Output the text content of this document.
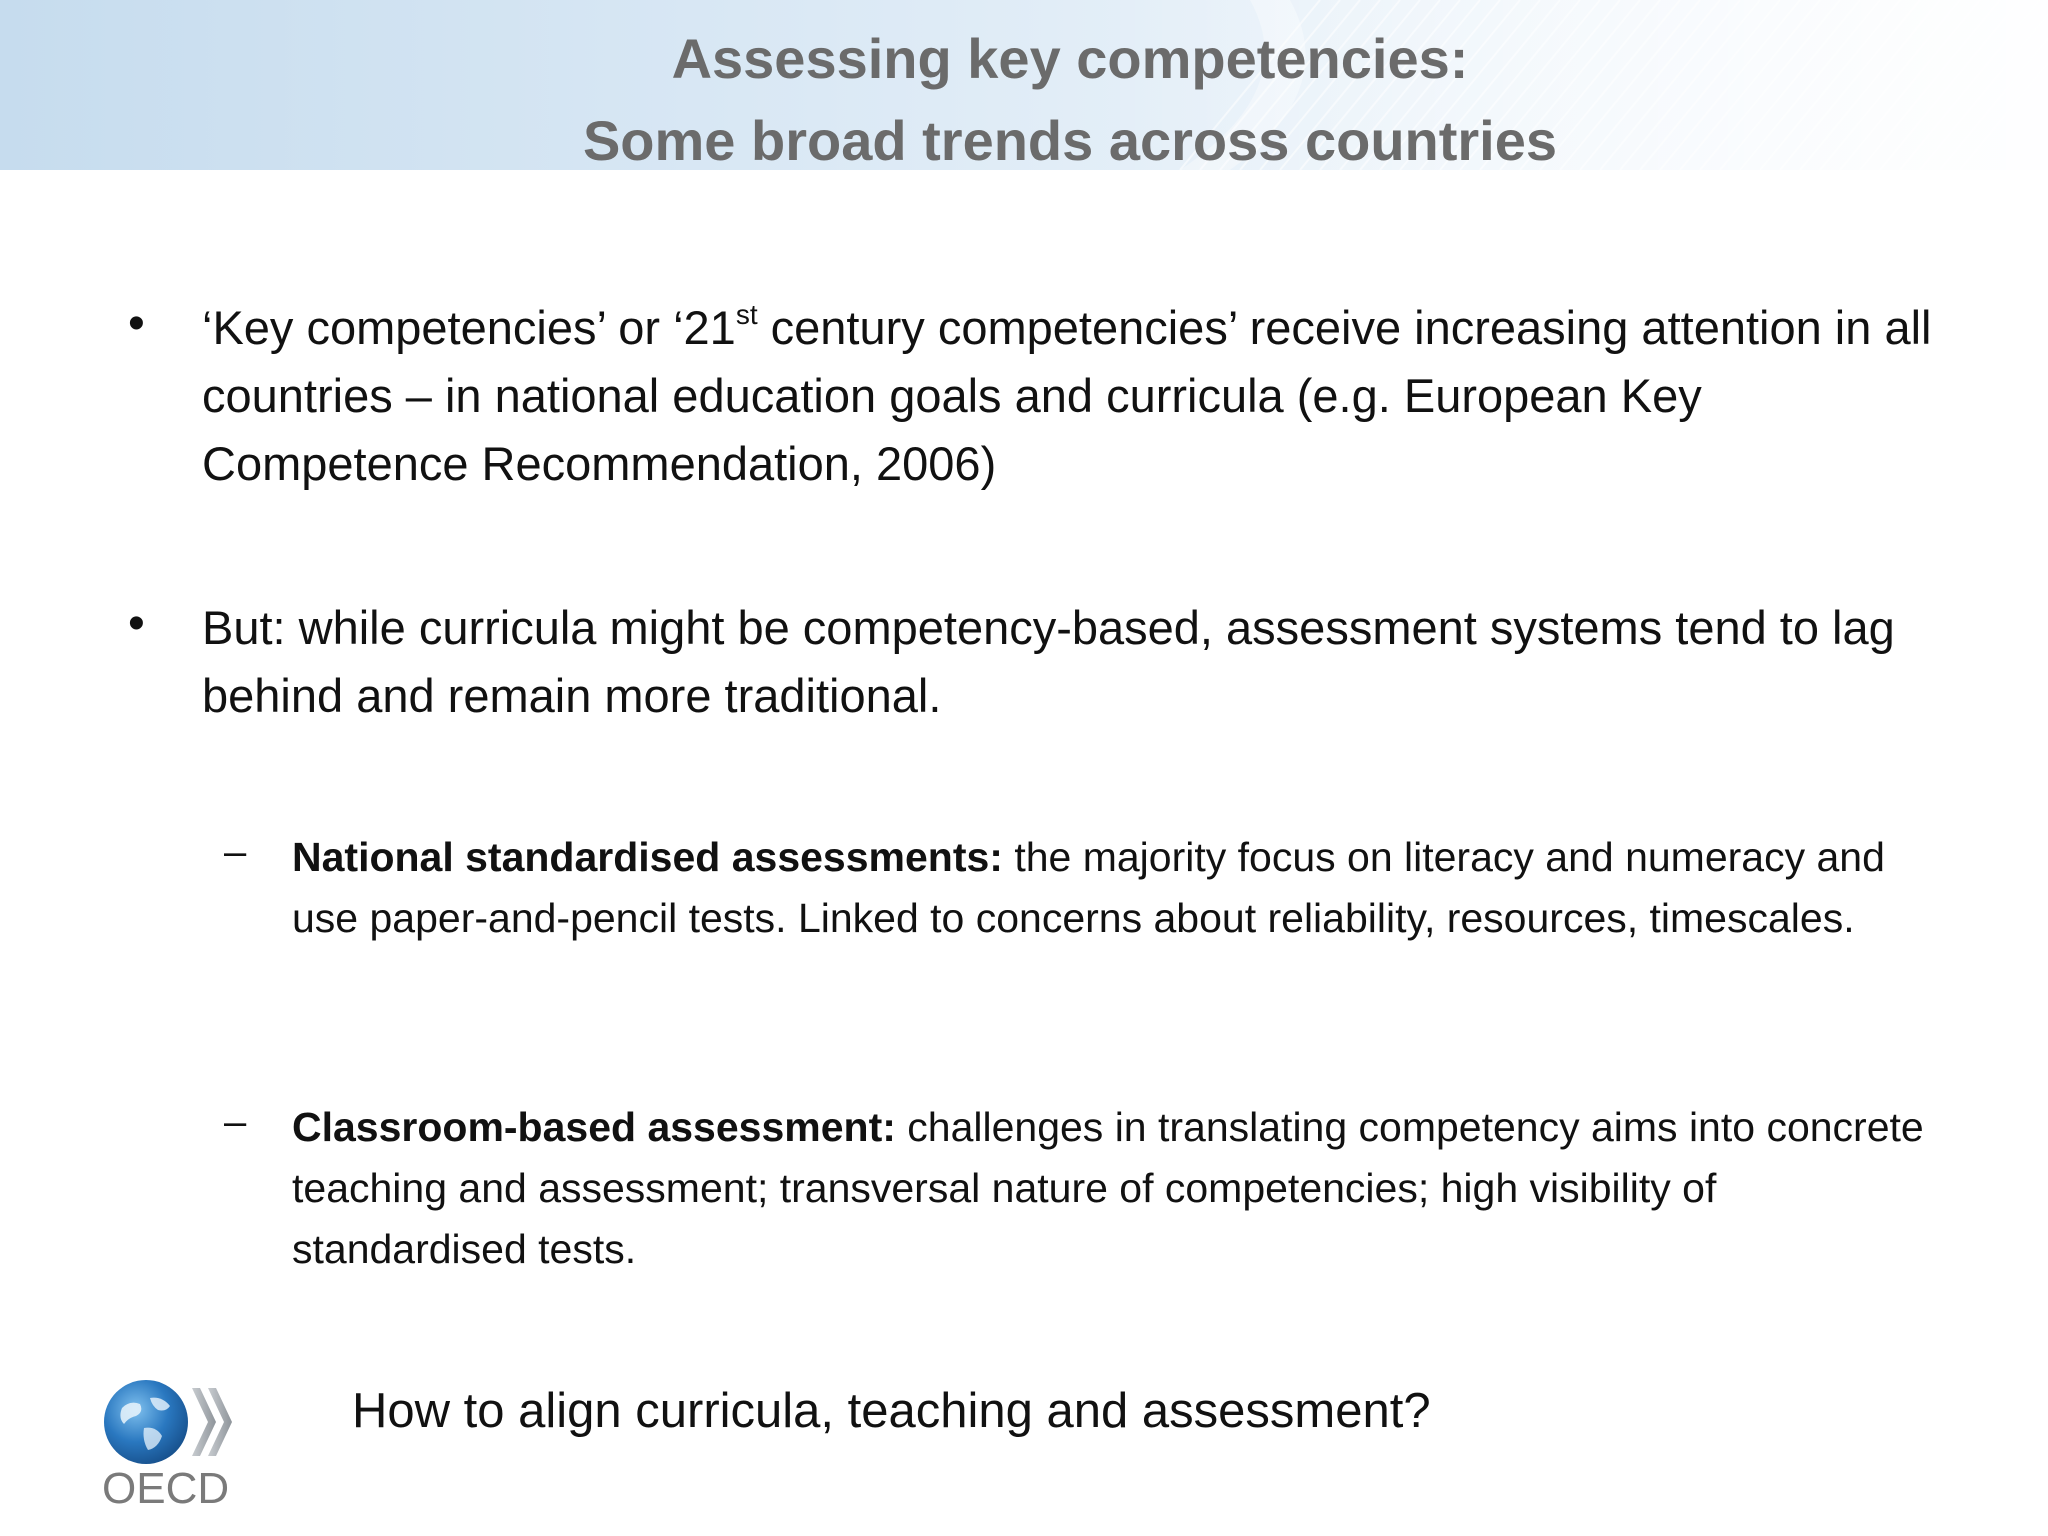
Assessing key competencies:
Some broad trends across countries
• ‘Key competencies’ or ‘21st century competencies’ receive increasing attention in all countries – in national education goals and curricula (e.g. European Key Competence Recommendation, 2006)
• But: while curricula might be competency-based, assessment systems tend to lag behind and remain more traditional.
– National standardised assessments: the majority focus on literacy and numeracy and use paper-and-pencil tests. Linked to concerns about reliability, resources, timescales.
– Classroom-based assessment: challenges in translating competency aims into concrete teaching and assessment; transversal nature of competencies; high visibility of standardised tests.
How to align curricula, teaching and assessment?
OECD
